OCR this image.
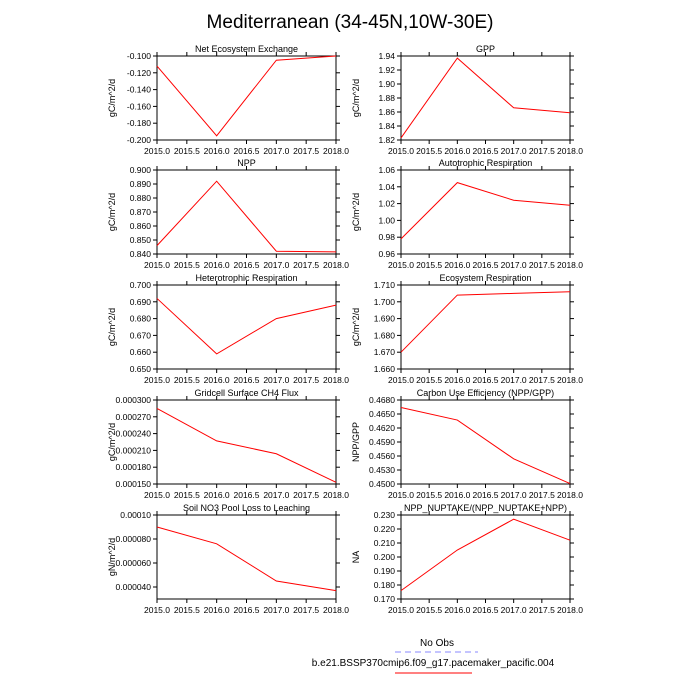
Mediterranean (34-45N,10W-30E)
No Obs
b.e21.BSSP370cmip6.f09_g17.pacemaker_pacific.004
Net Ecosystem Exchange
gC/m^2/d
2015.0 2015.5 2016.0 2016.5 2017.0 2017.5 2018.0
-0.100
-0.120
-0.140
-0.160
-0.180
-0.200
GPP
gC/m^2/d
2015.0 2015.5 2016.0 2016.5 2017.0 2017.5 2018.0
1.94
1.92
1.90
1.88
1.86
1.84
1.82
NPP
gC/m^2/d
2015.0 2015.5 2016.0 2016.5 2017.0 2017.5 2018.0
0.900
0.890
0.880
0.870
0.860
0.850
0.840
Autotrophic Respiration
gC/m^2/d
2015.0 2015.5 2016.0 2016.5 2017.0 2017.5 2018.0
1.06
1.04
1.02
1.00
0.98
0.96
Heterotrophic Respiration
gC/m^2/d
2015.0 2015.5 2016.0 2016.5 2017.0 2017.5 2018.0
0.700
0.690
0.680
0.670
0.660
0.650
Ecosystem Respiration
gC/m^2/d
2015.0 2015.5 2016.0 2016.5 2017.0 2017.5 2018.0
1.710
1.700
1.690
1.680
1.670
1.660
Gridcell Surface CH4 Flux
gC/m^2/d
2015.0 2015.5 2016.0 2016.5 2017.0 2017.5 2018.0
0.000300
0.000270
0.000240
0.000210
0.000180
0.000150
Carbon Use Efficiency (NPP/GPP)
NPP/GPP
2015.0 2015.5 2016.0 2016.5 2017.0 2017.5 2018.0
0.4680
0.4650
0.4620
0.4590
0.4560
0.4530
0.4500
Soil NO3 Pool Loss to Leaching
gN/m^2/d
2015.0 2015.5 2016.0 2016.5 2017.0 2017.5 2018.0
0.00010
0.000080
0.000060
0.000040
NPP_NUPTAKE/(NPP_NUPTAKE+NPP)
NA
2015.0 2015.5 2016.0 2016.5 2017.0 2017.5 2018.0
0.230
0.220
0.210
0.200
0.190
0.180
0.170
